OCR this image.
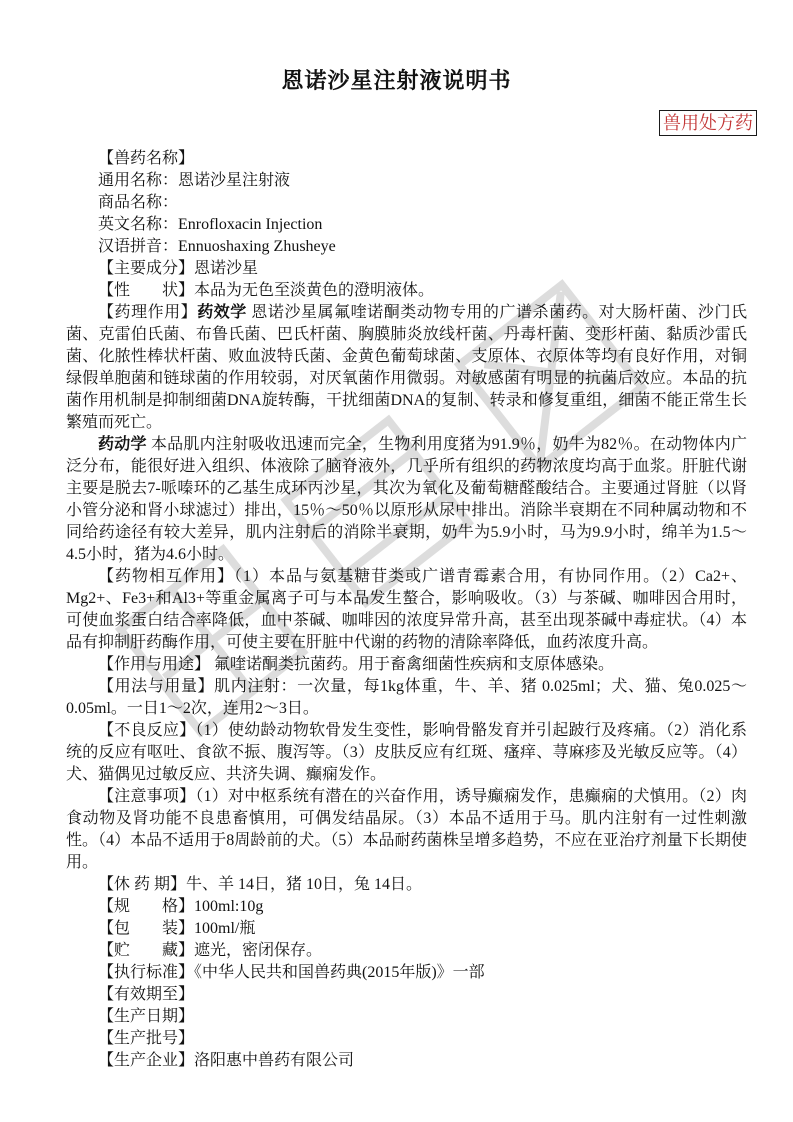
恩诺沙星注射液说明书
兽用处方药

【兽药名称】

通用名称：恩诺沙星注射液

商品名称：

英文名称：Enrofloxacin Injection

汉语拼音：Ennuoshaxing Zhusheye

【主要成分】恩诺沙星

【性　　状】本品为无色至淡黄色的澄明液体。

【药理作用】药效学 恩诺沙星属氟喹诺酮类动物专用的广谱杀菌药。对大肠杆菌、沙门氏菌、克雷伯氏菌、布鲁氏菌、巴氏杆菌、胸膜肺炎放线杆菌、丹毒杆菌、变形杆菌、黏质沙雷氏菌、化脓性棒状杆菌、败血波特氏菌、金黄色葡萄球菌、支原体、衣原体等均有良好作用，对铜绿假单胞菌和链球菌的作用较弱，对厌氧菌作用微弱。对敏感菌有明显的抗菌后效应。本品的抗菌作用机制是抑制细菌DNA旋转酶，干扰细菌DNA的复制、转录和修复重组，细菌不能正常生长繁殖而死亡。

药动学 本品肌内注射吸收迅速而完全，生物利用度猪为91.9％，奶牛为82％。在动物体内广泛分布，能很好进入组织、体液除了脑脊液外，几乎所有组织的药物浓度均高于血浆。肝脏代谢主要是脱去7-哌嗪环的乙基生成环丙沙星，其次为氧化及葡萄糖醛酸结合。主要通过肾脏（以肾小管分泌和肾小球滤过）排出，15％～50％以原形从尿中排出。消除半衰期在不同种属动物和不同给药途径有较大差异，肌内注射后的消除半衰期，奶牛为5.9小时，马为9.9小时，绵羊为1.5～4.5小时，猪为4.6小时。

【药物相互作用】（1）本品与氨基糖苷类或广谱青霉素合用，有协同作用。（2）Ca2+、Mg2+、Fe3+和Al3+等重金属离子可与本品发生螯合，影响吸收。（3）与茶碱、咖啡因合用时，可使血浆蛋白结合率降低，血中茶碱、咖啡因的浓度异常升高，甚至出现茶碱中毒症状。（4）本品有抑制肝药酶作用，可使主要在肝脏中代谢的药物的清除率降低，血药浓度升高。

【作用与用途】 氟喹诺酮类抗菌药。用于畜禽细菌性疾病和支原体感染。

【用法与用量】肌内注射：一次量，每1kg体重，牛、羊、猪 0.025ml；犬、猫、兔0.025～0.05ml。一日1～2次，连用2～3日。

【不良反应】（1）使幼龄动物软骨发生变性，影响骨骼发育并引起跛行及疼痛。（2）消化系统的反应有呕吐、食欲不振、腹泻等。（3）皮肤反应有红斑、瘙痒、荨麻疹及光敏反应等。（4）犬、猫偶见过敏反应、共济失调、癫痫发作。

【注意事项】（1）对中枢系统有潜在的兴奋作用，诱导癫痫发作，患癫痫的犬慎用。（2）肉食动物及肾功能不良患畜慎用，可偶发结晶尿。（3）本品不适用于马。肌内注射有一过性刺激性。（4）本品不适用于8周龄前的犬。（5）本品耐药菌株呈增多趋势，不应在亚治疗剂量下长期使用。

【休 药 期】牛、羊 14日，猪 10日，兔 14日。

【规　　格】100ml:10g

【包　　装】100ml/瓶

【贮　　藏】遮光，密闭保存。

【执行标准】《中华人民共和国兽药典(2015年版)》一部

【有效期至】

【生产日期】

【生产批号】

【生产企业】洛阳惠中兽药有限公司
